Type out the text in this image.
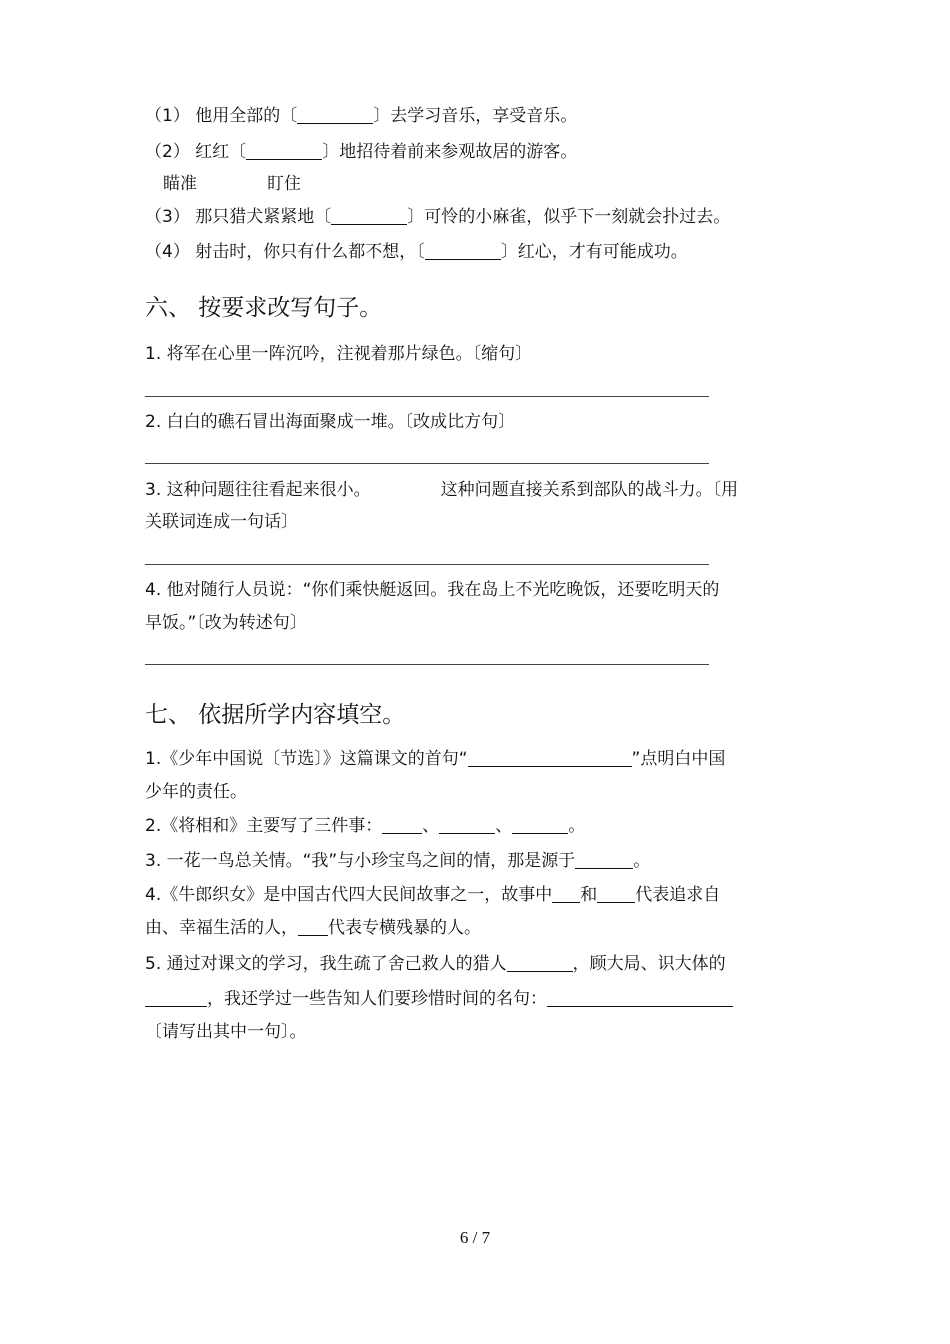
（1） 他用全部的〔	〕去学习音乐，享受音乐。
（2） 红红〔	〕地招待着前来参观故居的游客。
瞄准	盯住
（3） 那只猎犬紧紧地〔	〕可怜的小麻雀，似乎下一刻就会扑过去。
（4） 射击时，你只有什么都不想，〔	〕红心，才有可能成功。
六、 按要求改写句子。
1. 将军在心里一阵沉吟，注视着那片绿色。〔缩句〕
2. 白白的礁石冒出海面聚成一堆。〔改成比方句〕
3. 这种问题往往看起来很小。	这种问题直接关系到部队的战斗力。〔用
关联词连成一句话〕
4. 他对随行人员说：“你们乘快艇返回。我在岛上不光吃晚饭，还要吃明天的
早饭。”〔改为转述句〕
七、 依据所学内容填空。
1.《少年中国说〔节选〕》这篇课文的首句“	”点明白中国
少年的责任。
2.《将相和》主要写了三件事： 、	、	。
3. 一花一鸟总关情。“我”与小珍宝鸟之间的情，那是源于	。
4.《牛郎织女》是中国古代四大民间故事之一，故事中 和 代表追求自
由、幸福生活的人， 代表专横残暴的人。
5. 通过对课文的学习，我生疏了舍己救人的猎人	，顾大局、识大体的
，我还学过一些告知人们要珍惜时间的名句：
〔请写出其中一句〕。
6 / 7
